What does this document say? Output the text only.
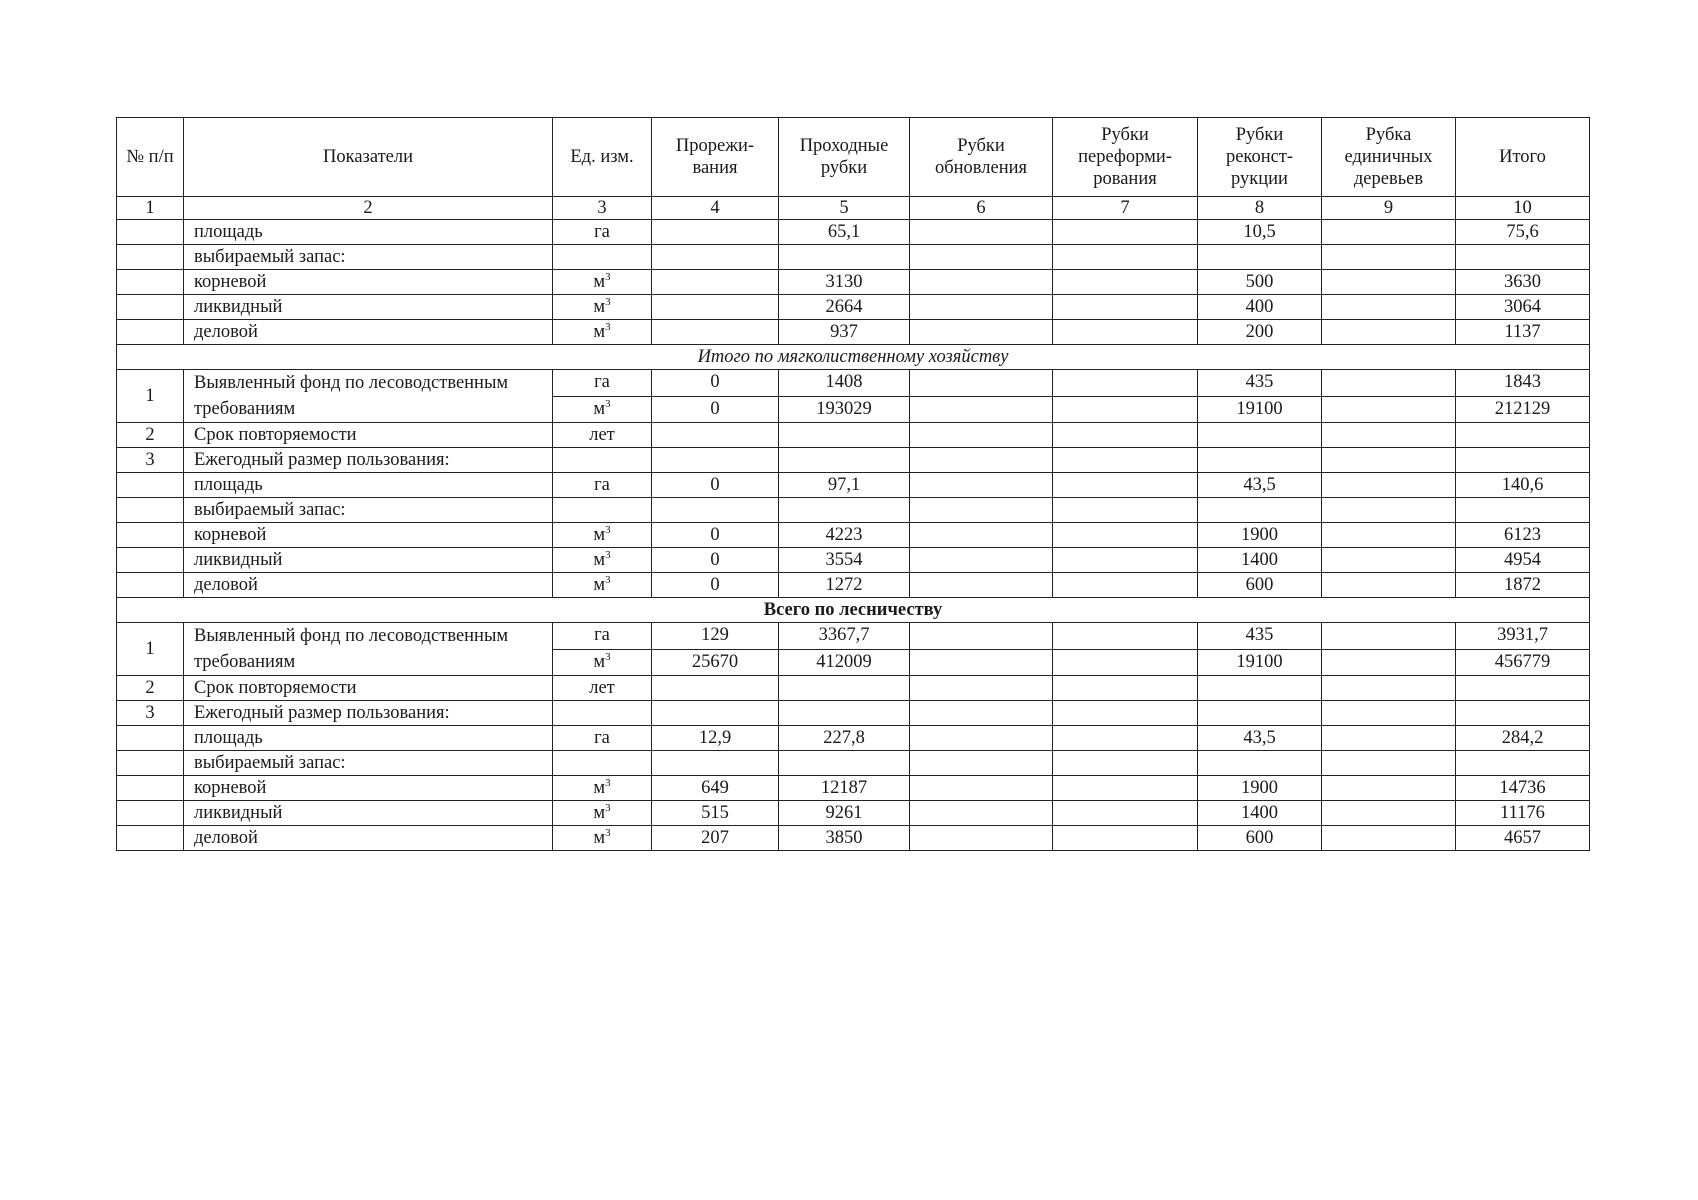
№ п/п	Показатели	Ед. изм.	Прорежи-вания	Проходные рубки	Рубки обновления	Рубки переформи-рования	Рубки реконст-рукции	Рубка единичных деревьев	Итого
1	2	3	4	5	6	7	8	9	10
	площадь	га		65,1			10,5		75,6
	выбираемый запас:								
	корневой	$м^3$		3130			500		3630
	ликвидный	$м^3$		2664			400		3064
	деловой	$м^3$		937			200		1137
Итого по мягколиственному хозяйству									
1	Выявленный фонд по лесоводственным требованиям	га	0	1408			435		1843
		$м^3$	0	193029			19100		212129
2	Срок повторяемости	лет							
3	Ежегодный размер пользования:								
	площадь	га	0	97,1			43,5		140,6
	выбираемый запас:								
	корневой	$м^3$	0	4223			1900		6123
	ликвидный	$м^3$	0	3554			1400		4954
	деловой	$м^3$	0	1272			600		1872
Всего по лесничеству									
1	Выявленный фонд по лесоводственным требованиям	га	129	3367,7			435		3931,7
		$м^3$	25670	412009			19100		456779
2	Срок повторяемости	лет							
3	Ежегодный размер пользования:								
	площадь	га	12,9	227,8			43,5		284,2
	выбираемый запас:								
	корневой	$м^3$	649	12187			1900		14736
	ликвидный	$м^3$	515	9261			1400		11176
	деловой	$м^3$	207	3850			600		4657
